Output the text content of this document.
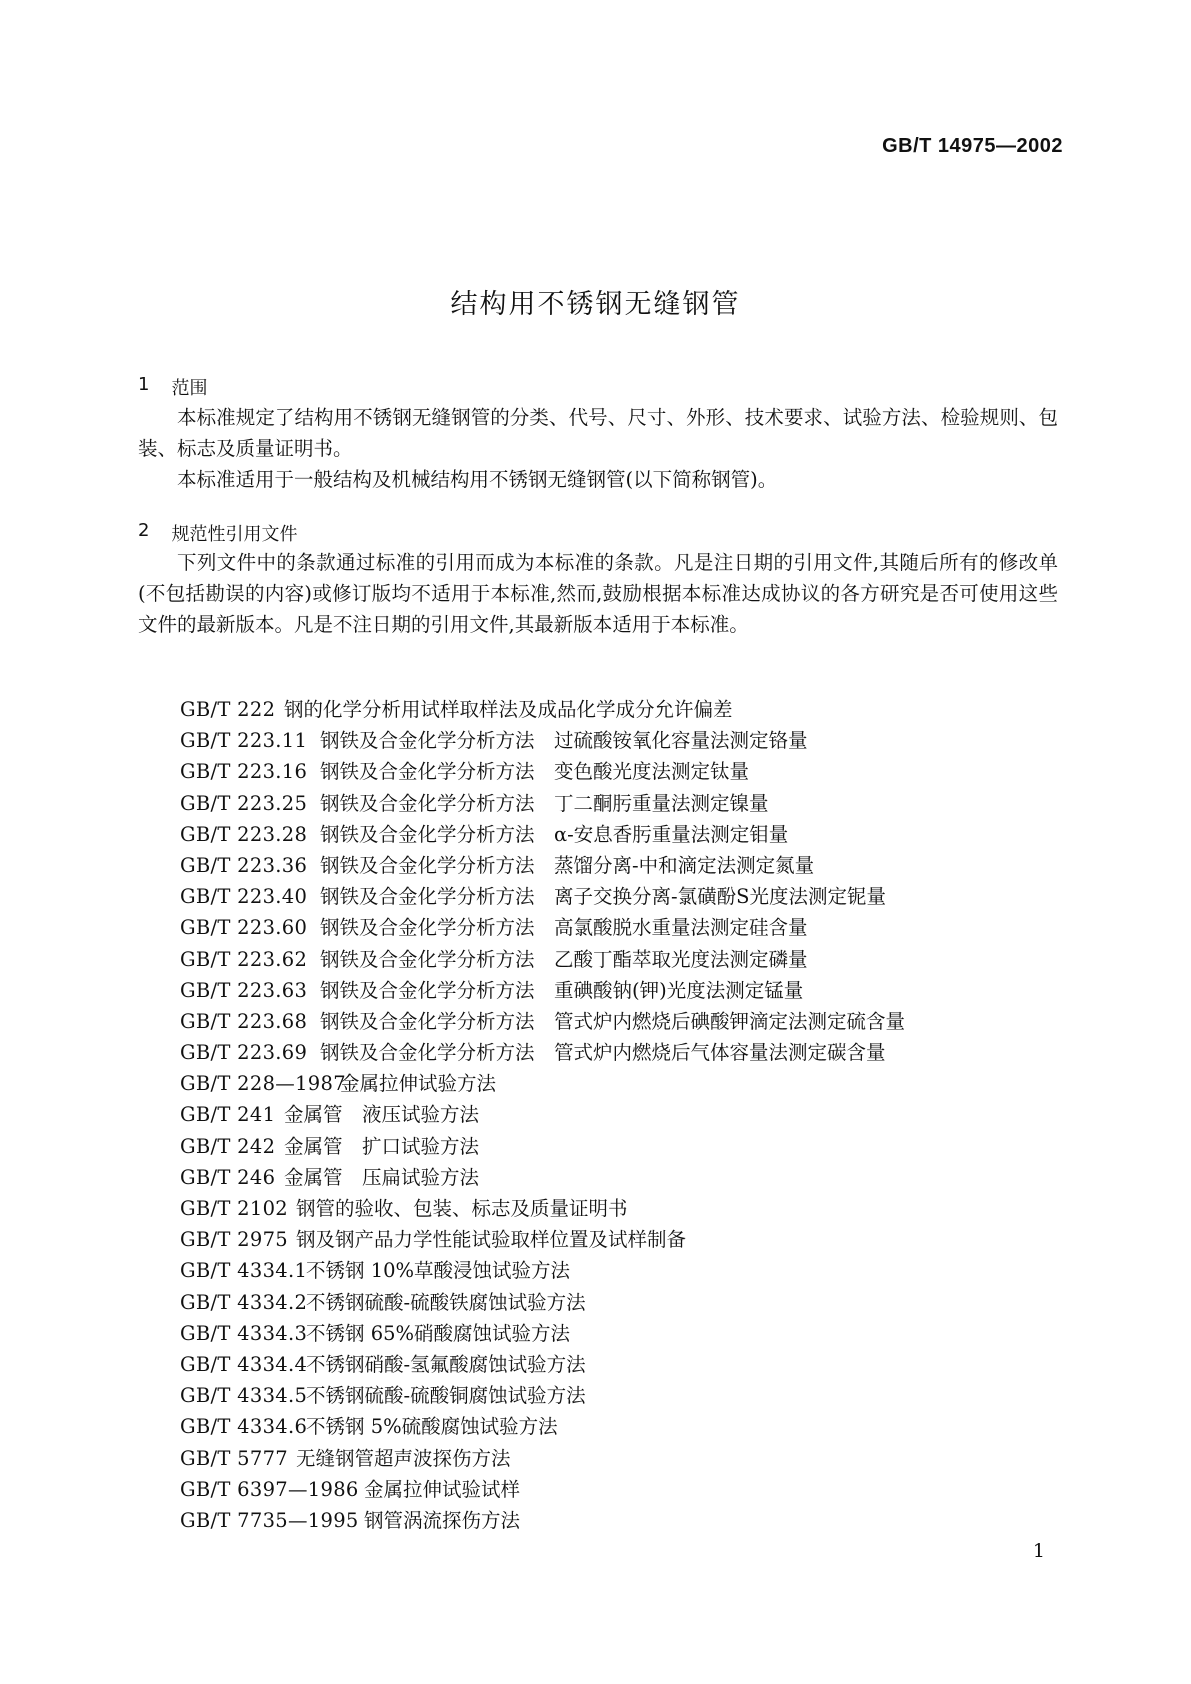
GB/T 14975—2002
结构用不锈钢无缝钢管
1 范围

本标准规定了结构用不锈钢无缝钢管的分类、代号、尺寸、外形、技术要求、试验方法、检验规则、包装、标志及质量证明书。

本标准适用于一般结构及机械结构用不锈钢无缝钢管(以下简称钢管)。

2 规范性引用文件

下列文件中的条款通过标准的引用而成为本标准的条款。凡是注日期的引用文件,其随后所有的修改单(不包括勘误的内容)或修订版均不适用于本标准,然而,鼓励根据本标准达成协议的各方研究是否可使用这些文件的最新版本。凡是不注日期的引用文件,其最新版本适用于本标准。

GB/T 222 钢的化学分析用试样取样法及成品化学成分允许偏差
GB/T 223.11 钢铁及合金化学分析方法　过硫酸铵氧化容量法测定铬量
GB/T 223.16 钢铁及合金化学分析方法　变色酸光度法测定钛量
GB/T 223.25 钢铁及合金化学分析方法　丁二酮肟重量法测定镍量
GB/T 223.28 钢铁及合金化学分析方法　α-安息香肟重量法测定钼量
GB/T 223.36 钢铁及合金化学分析方法　蒸馏分离-中和滴定法测定氮量
GB/T 223.40 钢铁及合金化学分析方法　离子交换分离-氯磺酚S光度法测定铌量
GB/T 223.60 钢铁及合金化学分析方法　高氯酸脱水重量法测定硅含量
GB/T 223.62 钢铁及合金化学分析方法　乙酸丁酯萃取光度法测定磷量
GB/T 223.63 钢铁及合金化学分析方法　重碘酸钠(钾)光度法测定锰量
GB/T 223.68 钢铁及合金化学分析方法　管式炉内燃烧后碘酸钾滴定法测定硫含量
GB/T 223.69 钢铁及合金化学分析方法　管式炉内燃烧后气体容量法测定碳含量
GB/T 228—1987金属拉伸试验方法
GB/T 241 金属管　液压试验方法
GB/T 242 金属管　扩口试验方法
GB/T 246 金属管　压扁试验方法
GB/T 2102 钢管的验收、包装、标志及质量证明书
GB/T 2975 钢及钢产品力学性能试验取样位置及试样制备
GB/T 4334.1不锈钢 10%草酸浸蚀试验方法
GB/T 4334.2不锈钢硫酸-硫酸铁腐蚀试验方法
GB/T 4334.3不锈钢 65%硝酸腐蚀试验方法
GB/T 4334.4不锈钢硝酸-氢氟酸腐蚀试验方法
GB/T 4334.5不锈钢硫酸-硫酸铜腐蚀试验方法
GB/T 4334.6不锈钢 5%硫酸腐蚀试验方法
GB/T 5777 无缝钢管超声波探伤方法
GB/T 6397—1986 金属拉伸试验试样
GB/T 7735—1995 钢管涡流探伤方法
1
